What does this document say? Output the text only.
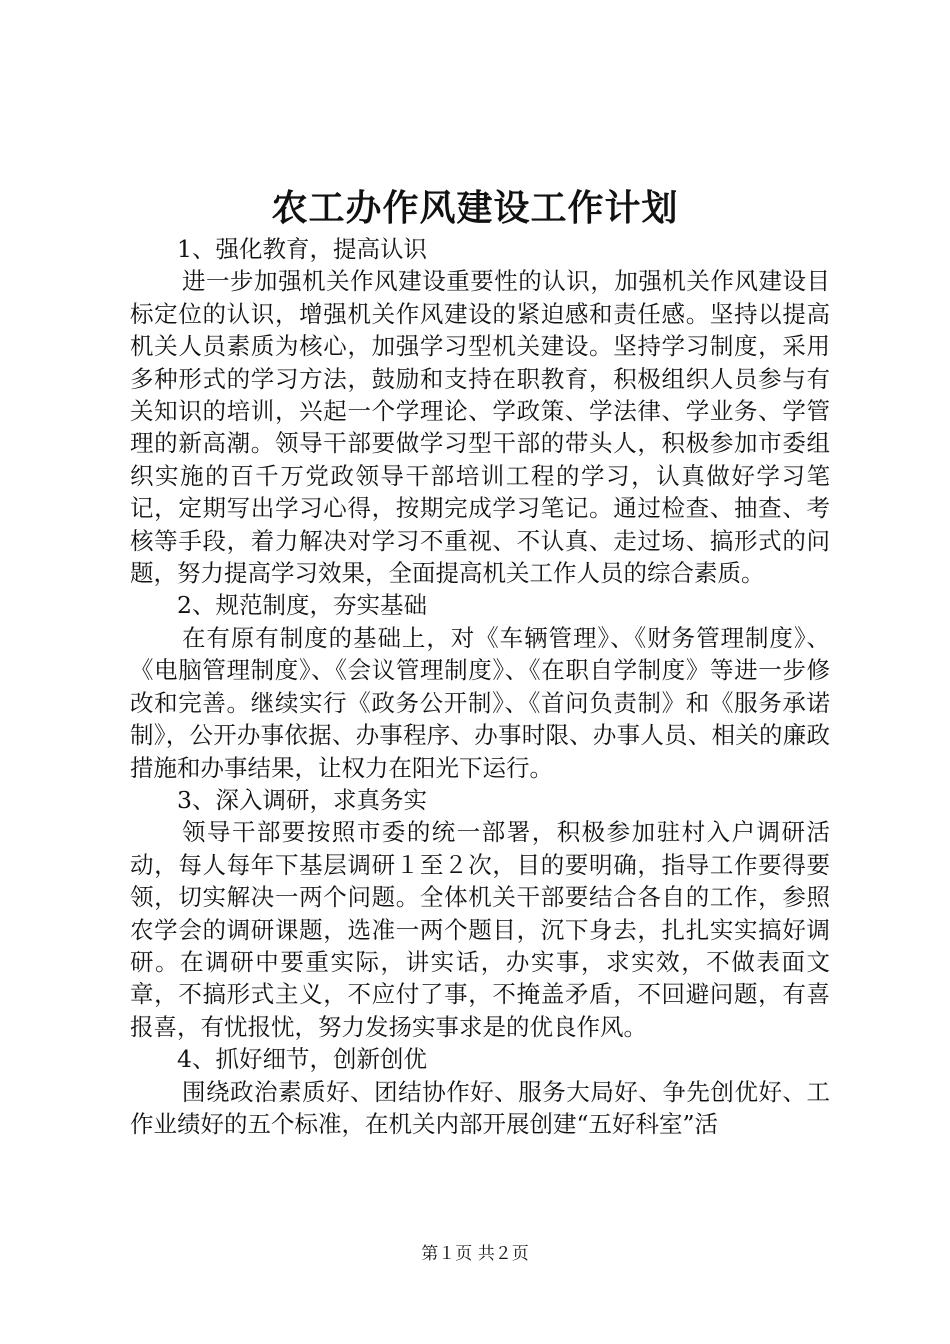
农工办作风建设工作计划

1、强化教育，提高认识

进一步加强机关作风建设重要性的认识，加强机关作风建设目标定位的认识，增强机关作风建设的紧迫感和责任感。坚持以提高机关人员素质为核心，加强学习型机关建设。坚持学习制度，采用多种形式的学习方法，鼓励和支持在职教育，积极组织人员参与有关知识的培训，兴起一个学理论、学政策、学法律、学业务、学管理的新高潮。领导干部要做学习型干部的带头人，积极参加市委组织实施的百千万党政领导干部培训工程的学习，认真做好学习笔记，定期写出学习心得，按期完成学习笔记。通过检查、抽查、考核等手段，着力解决对学习不重视、不认真、走过场、搞形式的问题，努力提高学习效果，全面提高机关工作人员的综合素质。

2、规范制度，夯实基础

在有原有制度的基础上，对《车辆管理》、《财务管理制度》、《电脑管理制度》、《会议管理制度》、《在职自学制度》等进一步修改和完善。继续实行《政务公开制》、《首问负责制》和《服务承诺制》，公开办事依据、办事程序、办事时限、办事人员、相关的廉政措施和办事结果，让权力在阳光下运行。

3、深入调研，求真务实

领导干部要按照市委的统一部署，积极参加驻村入户调研活动，每人每年下基层调研１至２次，目的要明确，指导工作要得要领，切实解决一两个问题。全体机关干部要结合各自的工作，参照农学会的调研课题，选准一两个题目，沉下身去，扎扎实实搞好调研。在调研中要重实际，讲实话，办实事，求实效，不做表面文章，不搞形式主义，不应付了事，不掩盖矛盾，不回避问题，有喜报喜，有忧报忧，努力发扬实事求是的优良作风。

4、抓好细节，创新创优

围绕政治素质好、团结协作好、服务大局好、争先创优好、工作业绩好的五个标准，在机关内部开展创建“五好科室”活

第１页 共２页
